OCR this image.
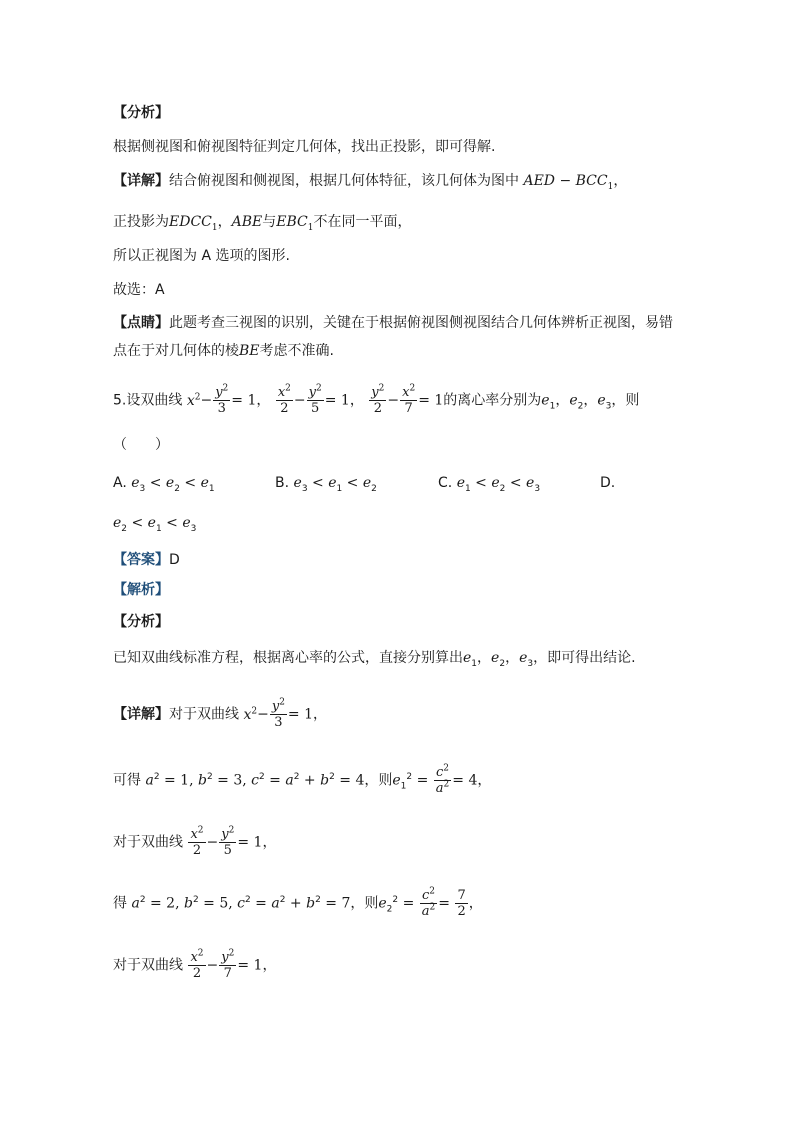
【分析】
根据侧视图和俯视图特征判定几何体，找出正投影，即可得解.
【详解】结合俯视图和侧视图，根据几何体特征，该几何体为图中 AED − $BCC_1$，
正投影为$EDCC_1$，ABE与$EBC_1$不在同一平面，
所以正视图为 A 选项的图形.
故选：A
【点睛】此题考查三视图的识别，关键在于根据俯视图侧视图结合几何体辨析正视图，易错
点在于对几何体的棱BE考虑不准确.
5.设双曲线 $x^2- \frac{y^2}{3} = 1$， $\frac{x^2}{2} - \frac{y^2}{5} = 1$， $\frac{y^2}{2} - \frac{x^2}{7} = 1$的离心率分别为$e_1$，$e_2$，$e_3$，则
（　　）
A. $e_3 < e_2 < e_1$	B. $e_3 < e_1 < e_2$	C. $e_1 < e_2 < e_3$	D.
$e_2 < e_1 < e_3$
【答案】D
【解析】
【分析】
已知双曲线标准方程，根据离心率的公式，直接分别算出$e_1$，$e_2$，$e_3$，即可得出结论.
【详解】对于双曲线 $x^2- \frac{y^2}{3} = 1$，
可得 $a^2 = 1$, $b^2 = 3$, $c^2 = a^2 + b^2 = 4$，则$e_1^2 = \frac{c^2}{a^2} = 4$，
对于双曲线 $\frac{x^2}{2} - \frac{y^2}{5} = 1$，
得 $a^2 = 2$, $b^2 = 5$, $c^2 = a^2 + b^2 = 7$，则$e_2^2 = \frac{c^2}{a^2} = \frac{7}{2}$ ，
对于双曲线 $\frac{x^2}{2} - \frac{y^2}{7} = 1$，
